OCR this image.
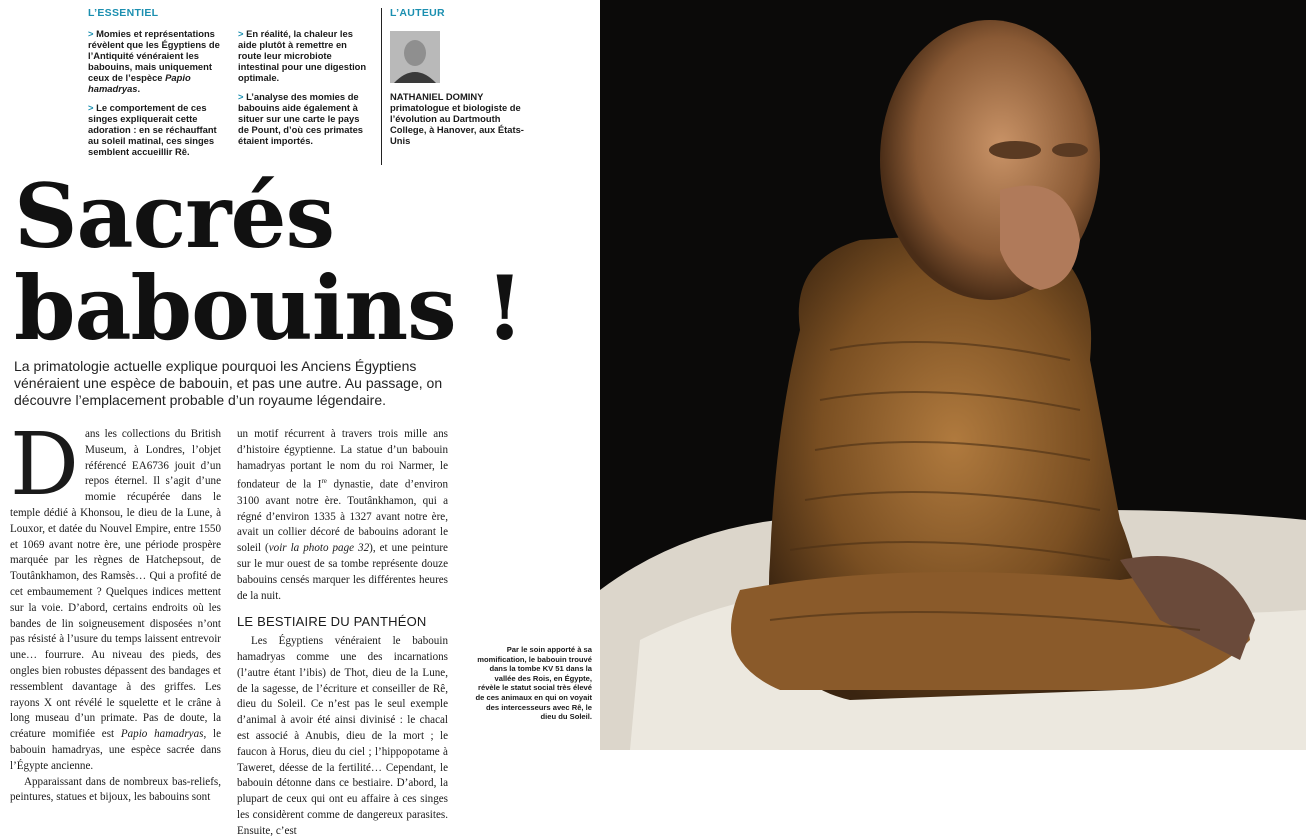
L’ESSENTIEL

> Momies et représentations révèlent que les Égyptiens de l’Antiquité vénéraient les babouins, mais uniquement ceux de l’espèce Papio hamadryas.

> Le comportement de ces singes expliquerait cette adoration : en se réchauffant au soleil matinal, ces singes semblent accueillir Rê.

> En réalité, la chaleur les aide plutôt à remettre en route leur microbiote intestinal pour une digestion optimale.

> L’analyse des momies de babouins aide également à situer sur une carte le pays de Pount, d’où ces primates étaient importés.

L’AUTEUR
NATHANIEL DOMINY
primatologue et biologiste de l’évolution au Dartmouth College, à Hanover, aux États-Unis
Sacrés
babouins !

La primatologie actuelle explique pourquoi les Anciens Égyptiens vénéraient une espèce de babouin, et pas une autre. Au passage, on découvre l’emplacement probable d’un royaume légendaire.

Dans les collections du British Museum, à Londres, l’objet référencé EA6736 jouit d’un repos éternel. Il s’agit d’une momie récupérée dans le temple dédié à Khonsou, le dieu de la Lune, à Louxor, et datée du Nouvel Empire, entre 1550 et 1069 avant notre ère, une période prospère marquée par les règnes de Hatchepsout, de Toutânkhamon, des Ramsès… Qui a profité de cet embaumement ? Quelques indices mettent sur la voie. D’abord, certains endroits où les bandes de lin soigneusement disposées n’ont pas résisté à l’usure du temps laissent entrevoir une… fourrure. Au niveau des pieds, des ongles bien robustes dépassent des bandages et ressemblent davantage à des griffes. Les rayons X ont révélé le squelette et le crâne à long museau d’un primate. Pas de doute, la créature momifiée est Papio hamadryas, le babouin hamadryas, une espèce sacrée dans l’Égypte ancienne.
Apparaissant dans de nombreux bas-reliefs, peintures, statues et bijoux, les babouins sont

un motif récurrent à travers trois mille ans d’histoire égyptienne. La statue d’un babouin hamadryas portant le nom du roi Narmer, le fondateur de la Ire dynastie, date d’environ 3100 avant notre ère. Toutânkhamon, qui a régné d’environ 1335 à 1327 avant notre ère, avait un collier décoré de babouins adorant le soleil (voir la photo page 32), et une peinture sur le mur ouest de sa tombe représente douze babouins censés marquer les différentes heures de la nuit.

LE BESTIAIRE DU PANTHÉON

Les Égyptiens vénéraient le babouin hamadryas comme une des incarnations (l’autre étant l’ibis) de Thot, dieu de la Lune, de la sagesse, de l’écriture et conseiller de Rê, dieu du Soleil. Ce n’est pas le seul exemple d’animal à avoir été ainsi divinisé : le chacal est associé à Anubis, dieu de la mort ; le faucon à Horus, dieu du ciel ; l’hippopotame à Taweret, déesse de la fertilité… Cependant, le babouin détonne dans ce bestiaire. D’abord, la plupart de ceux qui ont eu affaire à ces singes les considèrent comme de dangereux parasites. Ensuite, c’est

Par le soin apporté à sa momification, le babouin trouvé dans la tombe KV 51 dans la vallée des Rois, en Égypte, révèle le statut social très élevé de ces animaux en qui on voyait des intercesseurs avec Rê, le dieu du Soleil.
